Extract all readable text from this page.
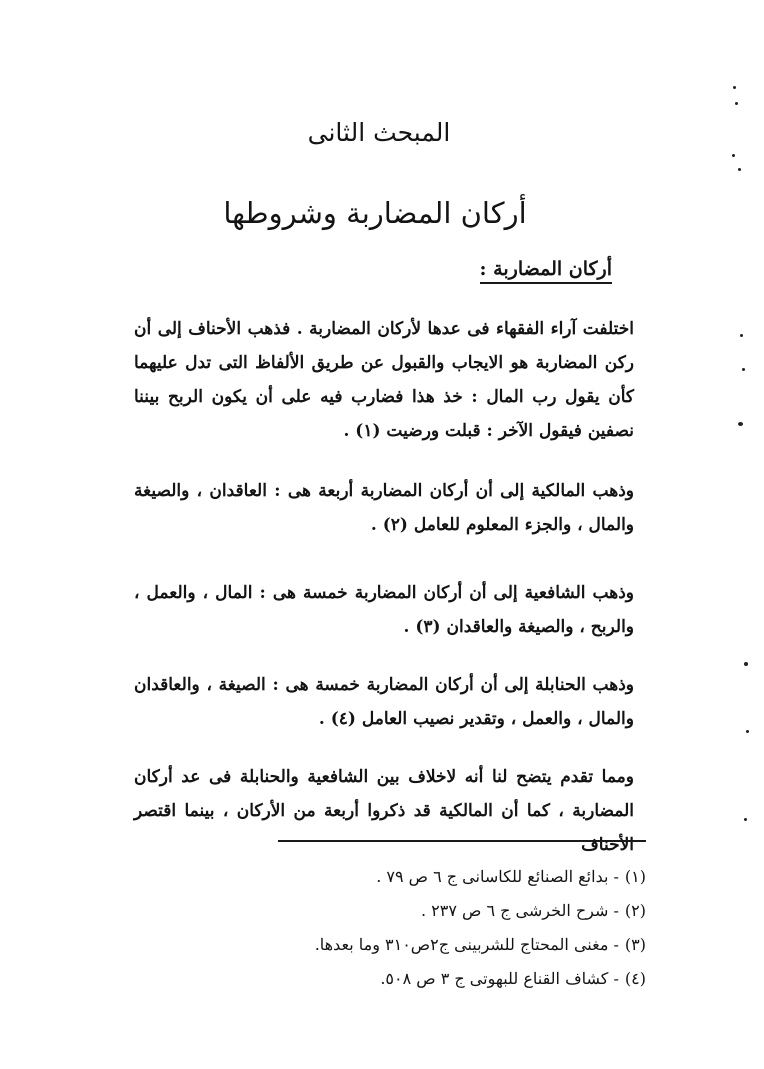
المبحث الثانى
أركان المضاربة وشروطها
أركان المضاربة :
اختلفت آراء الفقهاء فى عدها لأركان المضاربة . فذهب الأحناف إلى أن ركن المضاربة هو الايجاب والقبول عن طريق الألفاظ التى تدل عليهما كأن يقول رب المال : خذ هذا فضارب فيه على أن يكون الربح بيننا نصفين فيقول الآخر : قبلت ورضيت (١) .
وذهب المالكية إلى أن أركان المضاربة أربعة هى : العاقدان ، والصيغة والمال ، والجزء المعلوم للعامل (٢) .
وذهب الشافعية إلى أن أركان المضاربة خمسة هى : المال ، والعمل ، والربح ، والصيغة والعاقدان (٣) .
وذهب الحنابلة إلى أن أركان المضاربة خمسة هى : الصيغة ، والعاقدان والمال ، والعمل ، وتقدير نصيب العامل (٤) .
ومما تقدم يتضح لنا أنه لاخلاف بين الشافعية والحنابلة فى عد أركان المضاربة ، كما أن المالكية قد ذكروا أربعة من الأركان ، بينما اقتصر الأحناف
(١)- بدائع الصنائع للكاسانى ج ٦ ص ٧٩ .
(٢)- شرح الخرشى ج ٦ ص ٢٣٧ .
(٣)- مغنى المحتاج للشربينى ج٢ص٣١٠ وما بعدها.
(٤)- كشاف القناع للبهوتى ج ٣ ص ٥٠٨.
